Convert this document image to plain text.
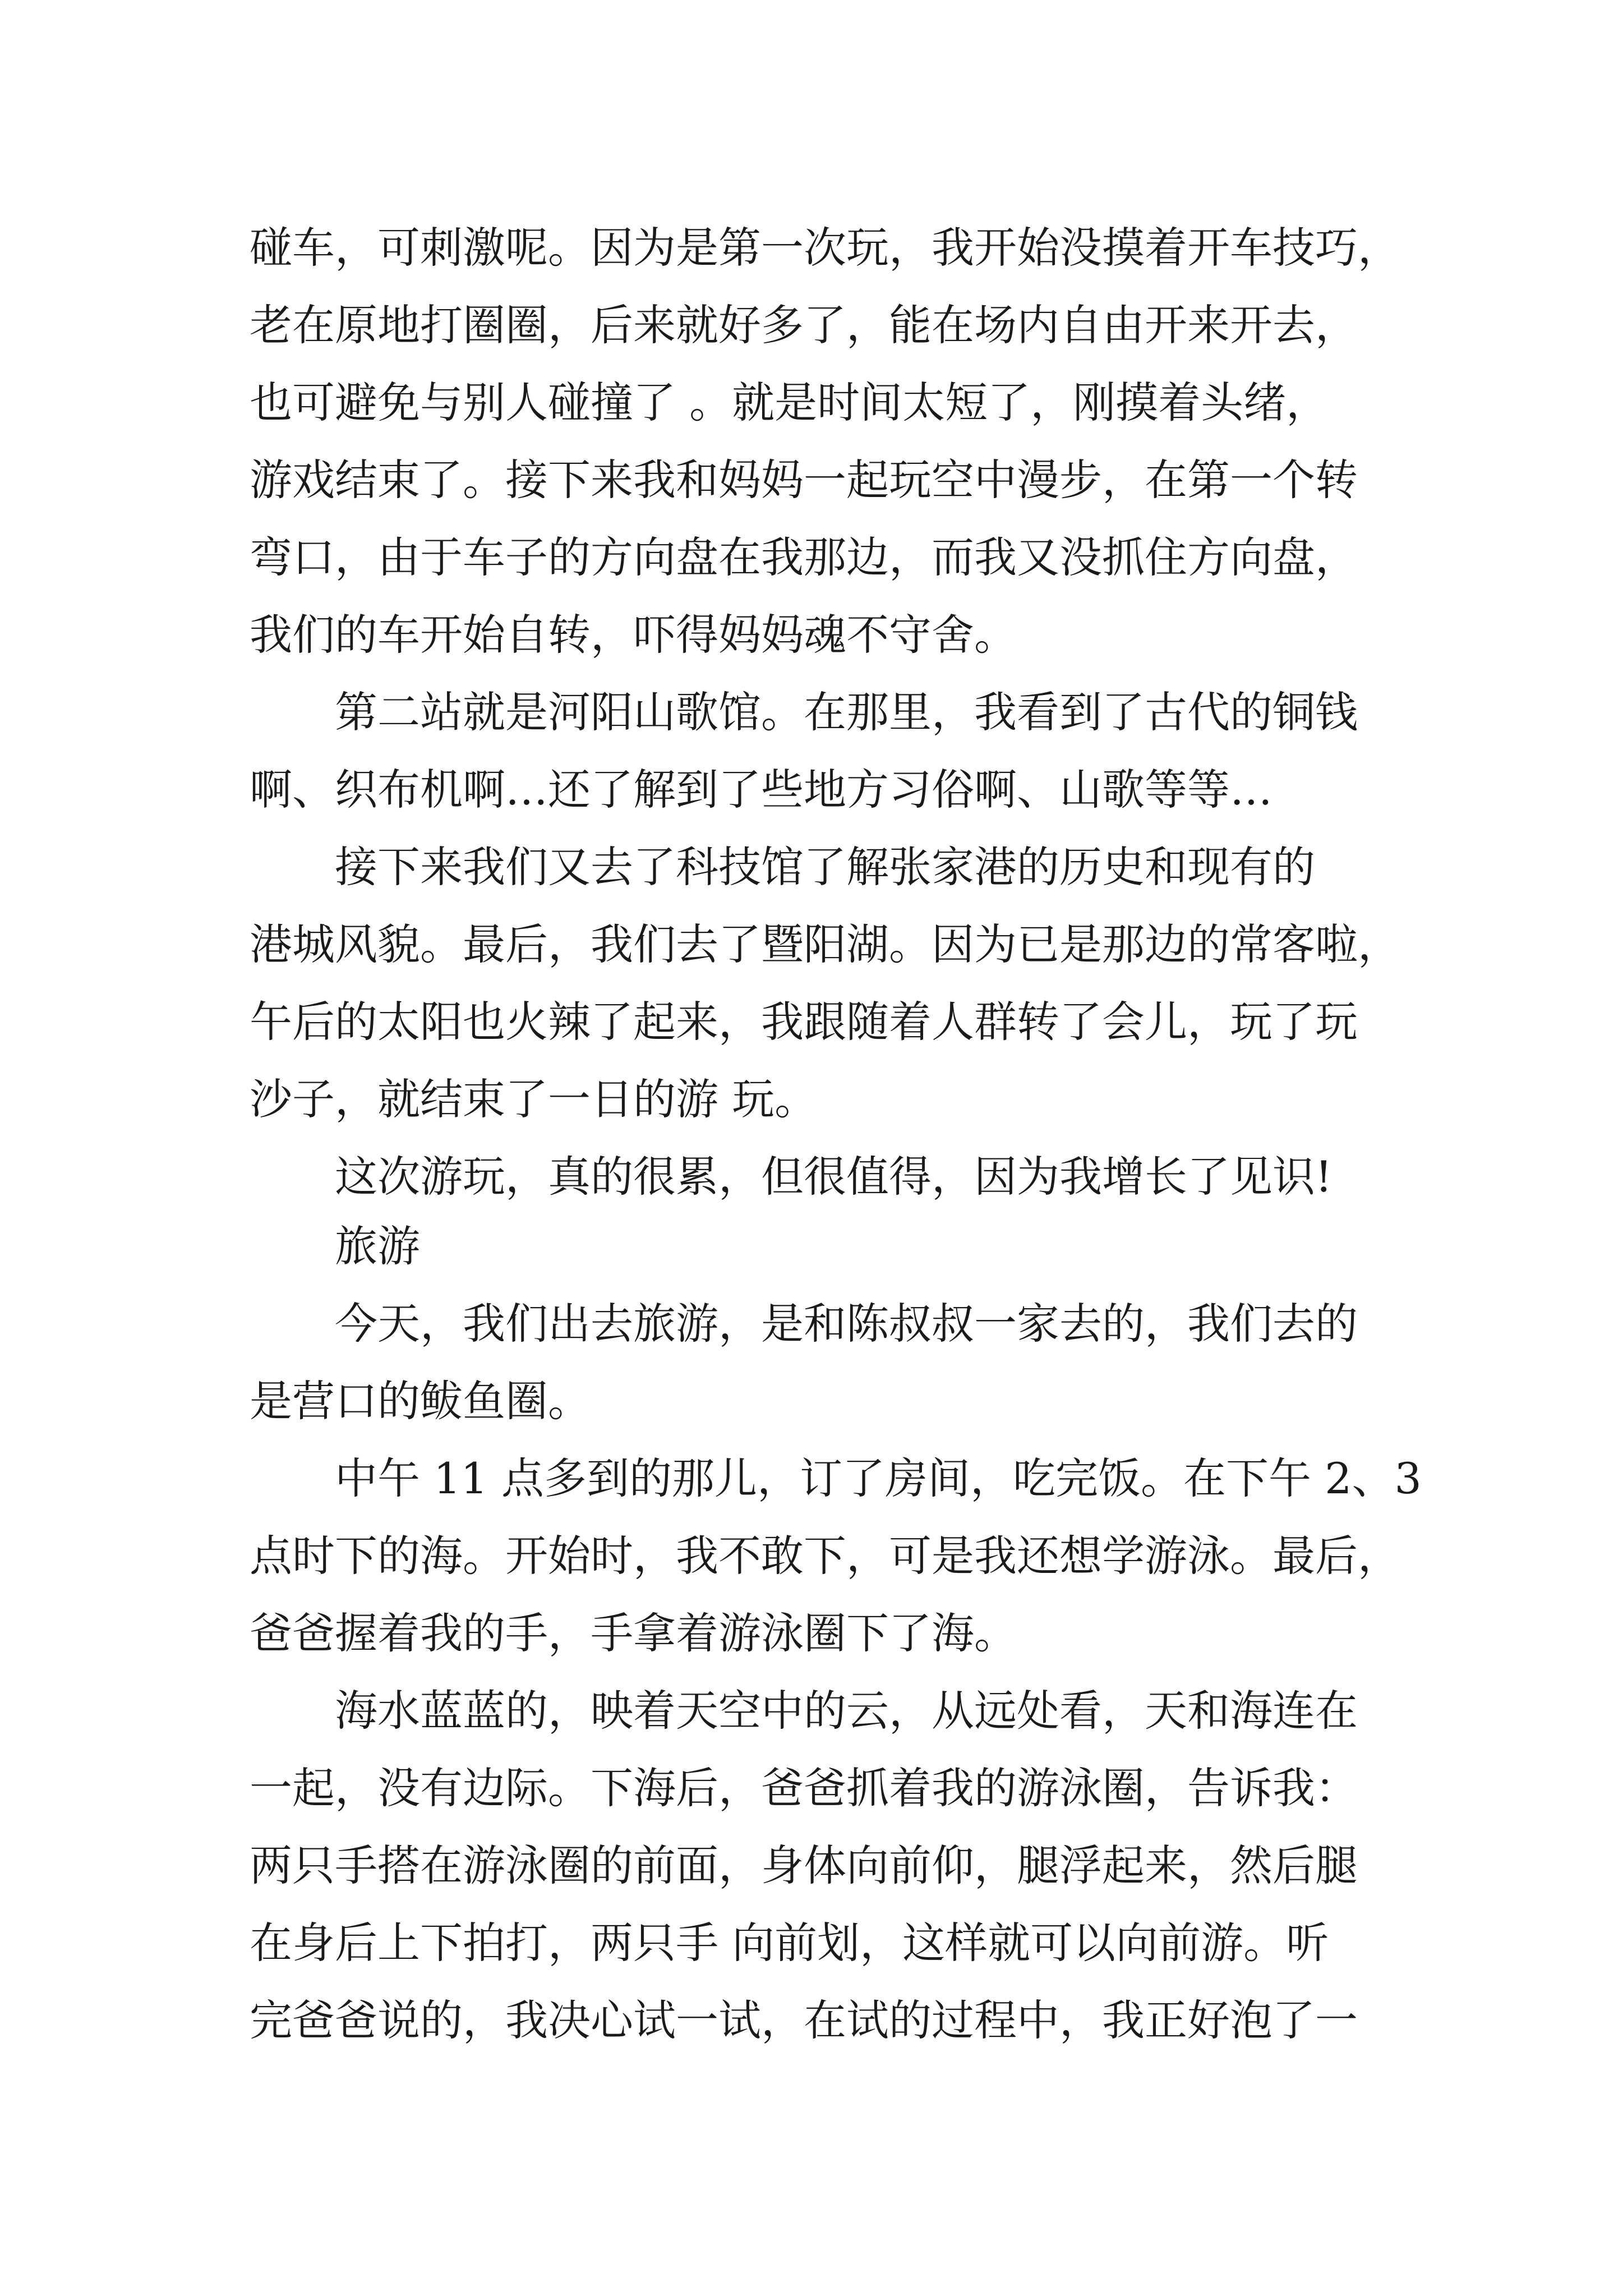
碰车，可刺激呢。因为是第一次玩，我开始没摸着开车技巧，
老在原地打圈圈，后来就好多了，能在场内自由开来开去，
也可避免与别人碰撞了 。就是时间太短了，刚摸着头绪，
游戏结束了。接下来我和妈妈一起玩空中漫步，在第一个转
弯口，由于车子的方向盘在我那边，而我又没抓住方向盘，
我们的车开始自转，吓得妈妈魂不守舍。
第二站就是河阳山歌馆。在那里，我看到了古代的铜钱
啊、织布机啊…还了解到了些地方习俗啊、山歌等等…
接下来我们又去了科技馆了解张家港的历史和现有的
港城风貌。最后，我们去了暨阳湖。因为已是那边的常客啦，
午后的太阳也火辣了起来，我跟随着人群转了会儿，玩了玩
沙子，就结束了一日的游 玩。
这次游玩，真的很累，但很值得，因为我增长了见识!
旅游
今天，我们出去旅游，是和陈叔叔一家去的，我们去的
是营口的鲅鱼圈。
中午 11 点多到的那儿，订了房间，吃完饭。在下午 2、3
点时下的海。开始时，我不敢下，可是我还想学游泳。最后，
爸爸握着我的手，手拿着游泳圈下了海。
海水蓝蓝的，映着天空中的云，从远处看，天和海连在
一起，没有边际。下海后，爸爸抓着我的游泳圈，告诉我：
两只手搭在游泳圈的前面，身体向前仰，腿浮起来，然后腿
在身后上下拍打，两只手 向前划，这样就可以向前游。听
完爸爸说的，我决心试一试，在试的过程中，我正好泡了一
